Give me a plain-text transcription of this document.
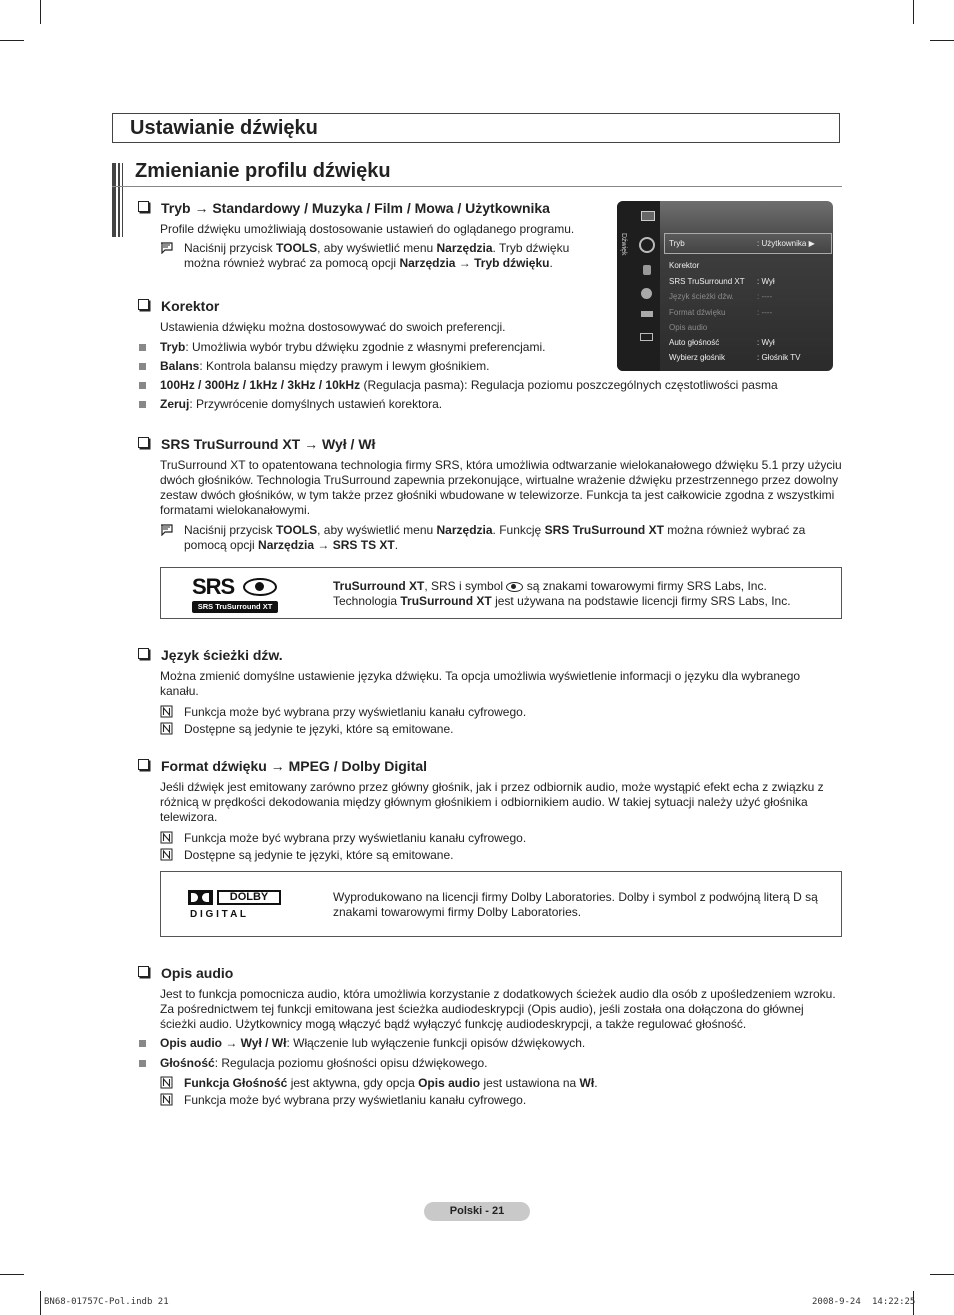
Ustawianie dźwięku
Zmienianie profilu dźwięku
Tryb → Standardowy / Muzyka / Film / Mowa / Użytkownika
Profile dźwięku umożliwiają dostosowanie ustawień do oglądanego programu.
Naciśnij przycisk TOOLS, aby wyświetlić menu Narzędzia. Tryb dźwięku
można również wybrać za pomocą opcji Narzędzia → Tryb dźwięku.
Dźwięk	Tryb	: Użytkownika ▶
Korektor
SRS TruSurround XT : Wył
Język ścieżki dźw.	: ----
Format dźwięku	: ----
Opis audio
Auto głośność	: Wył
Wybierz głośnik	: Głośnik TV
Korektor
Ustawienia dźwięku można dostosowywać do swoich preferencji.
Tryb: Umożliwia wybór trybu dźwięku zgodnie z własnymi preferencjami.
Balans: Kontrola balansu między prawym i lewym głośnikiem.
100Hz / 300Hz / 1kHz / 3kHz / 10kHz (Regulacja pasma): Regulacja poziomu poszczególnych częstotliwości pasma
Zeruj: Przywrócenie domyślnych ustawień korektora.
SRS TruSurround XT → Wył / Wł
TruSurround XT to opatentowana technologia firmy SRS, która umożliwia odtwarzanie wielokanałowego dźwięku 5.1 przy użyciu dwóch głośników. Technologia TruSurround zapewnia przekonujące, wirtualne wrażenie dźwięku przestrzennego przez dowolny zestaw dwóch głośników, w tym także przez głośniki wbudowane w telewizorze. Funkcja ta jest całkowicie zgodna z wszystkimi formatami wielokanałowymi.
Naciśnij przycisk TOOLS, aby wyświetlić menu Narzędzia. Funkcję SRS TruSurround XT można również wybrać za
pomocą opcji Narzędzia → SRS TS XT.
SRS
SRS TruSurround XT
TruSurround XT, SRS i symbol
są znakami towarowymi firmy SRS Labs, Inc.
Technologia TruSurround XT jest używana na podstawie licencji firmy SRS Labs, Inc.
Język ścieżki dźw.
Można zmienić domyślne ustawienie języka dźwięku. Ta opcja umożliwia wyświetlenie informacji o języku dla wybranego kanału.
Funkcja może być wybrana przy wyświetlaniu kanału cyfrowego.
Dostępne są jedynie te języki, które są emitowane.
Format dźwięku → MPEG / Dolby Digital
Jeśli dźwięk jest emitowany zarówno przez główny głośnik, jak i przez odbiornik audio, może wystąpić efekt echa z związku z różnicą w prędkości dekodowania między głównym głośnikiem i odbiornikiem audio. W takiej sytuacji należy użyć głośnika telewizora.
Funkcja może być wybrana przy wyświetlaniu kanału cyfrowego.
Dostępne są jedynie te języki, które są emitowane.
DOLBY
D I G I T A L
Wyprodukowano na licencji firmy Dolby Laboratories. Dolby i symbol z podwójną literą D są znakami towarowymi firmy Dolby Laboratories.
Opis audio
Jest to funkcja pomocnicza audio, która umożliwia korzystanie z dodatkowych ścieżek audio dla osób z upośledzeniem wzroku. Za pośrednictwem tej funkcji emitowana jest ścieżka audiodeskrypcji (Opis audio), jeśli została ona dołączona do głównej ścieżki audio. Użytkownicy mogą włączyć bądź wyłączyć funkcję audiodeskrypcji, a także regulować głośność.
Opis audio → Wył / Wł: Włączenie lub wyłączenie funkcji opisów dźwiękowych.
Głośność: Regulacja poziomu głośności opisu dźwiękowego.
Funkcja Głośność jest aktywna, gdy opcja Opis audio jest ustawiona na Wł.
Funkcja może być wybrana przy wyświetlaniu kanału cyfrowego.
Polski - 21
BN68-01757C-Pol.indb 21	2008-9-24 14:22:25
